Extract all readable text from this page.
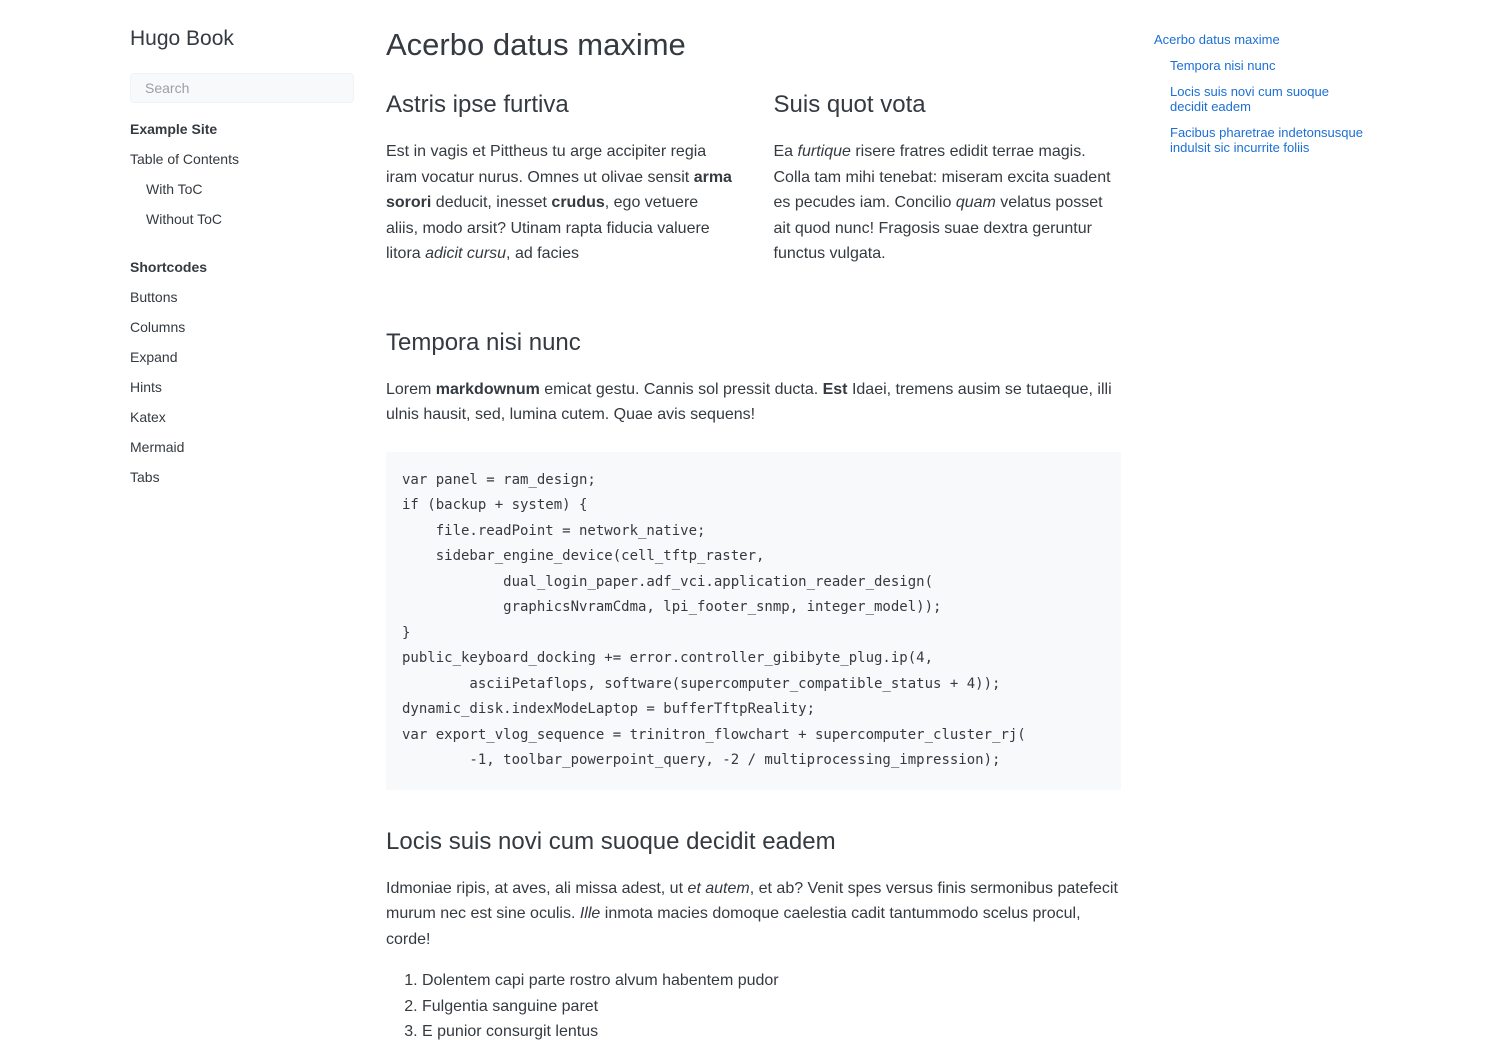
Hugo Book
Search
Example Site
Table of Contents
With ToC
Without ToC
Shortcodes
Buttons
Columns
Expand
Hints
Katex
Mermaid
Tabs
Acerbo datus maxime
Astris ipse furtiva

Est in vagis et Pittheus tu arge accipiter regia iram vocatur nurus. Omnes ut olivae sensit arma sorori deducit, inesset crudus, ego vetuere aliis, modo arsit? Utinam rapta fiducia valuere litora adicit cursu, ad facies

Suis quot vota

Ea furtique risere fratres edidit terrae magis. Colla tam mihi tenebat: miseram excita suadent es pecudes iam. Concilio quam velatus posset ait quod nunc! Fragosis suae dextra geruntur functus vulgata.

Tempora nisi nunc

Lorem markdownum emicat gestu. Cannis sol pressit ducta. Est Idaei, tremens ausim se tutaeque, illi ulnis hausit, sed, lumina cutem. Quae avis sequens!

var panel = ram_design;
if (backup + system) {
file.readPoint = network_native;
sidebar_engine_device(cell_tftp_raster,
dual_login_paper.adf_vci.application_reader_design(
graphicsNvramCdma, lpi_footer_snmp, integer_model));
}
public_keyboard_docking += error.controller_gibibyte_plug.ip(4,
asciiPetaflops, software(supercomputer_compatible_status + 4));
dynamic_disk.indexModeLaptop = bufferTftpReality;
var export_vlog_sequence = trinitron_flowchart + supercomputer_cluster_rj(
-1, toolbar_powerpoint_query, -2 / multiprocessing_impression);
Locis suis novi cum suoque decidit eadem

Idmoniae ripis, at aves, ali missa adest, ut et autem, et ab? Venit spes versus finis sermonibus patefecit murum nec est sine oculis. Ille inmota macies domoque caelestia cadit tantummodo scelus procul, corde!

1. Dolentem capi parte rostro alvum habentem pudor
2. Fulgentia sanguine paret
3. E punior consurgit lentus
Acerbo datus maxime
Tempora nisi nunc
Locis suis novi cum suoque decidit eadem
Facibus pharetrae indetonsusque indulsit sic incurrite foliis
